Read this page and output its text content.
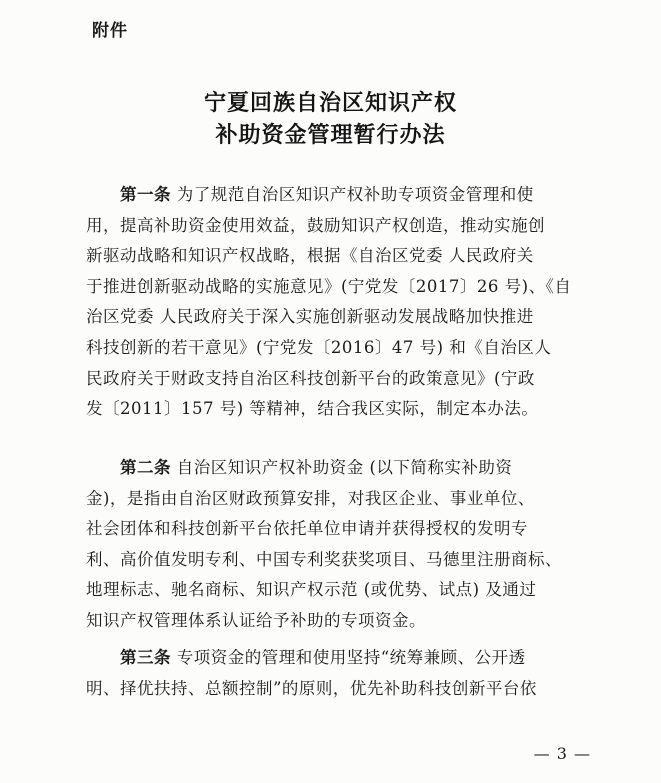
附件
宁夏回族自治区知识产权
补助资金管理暂行办法
第一条 为了规范自治区知识产权补助专项资金管理和使
用，提高补助资金使用效益，鼓励知识产权创造，推动实施创
新驱动战略和知识产权战略，根据《自治区党委 人民政府关
于推进创新驱动战略的实施意见》(宁党发〔2017〕26 号)、《自
治区党委 人民政府关于深入实施创新驱动发展战略加快推进
科技创新的若干意见》(宁党发〔2016〕47 号) 和《自治区人
民政府关于财政支持自治区科技创新平台的政策意见》(宁政
发〔2011〕157 号) 等精神，结合我区实际，制定本办法。
第二条 自治区知识产权补助资金 (以下简称实补助资
金)，是指由自治区财政预算安排，对我区企业、事业单位、
社会团体和科技创新平台依托单位申请并获得授权的发明专
利、高价值发明专利、中国专利奖获奖项目、马德里注册商标、
地理标志、驰名商标、知识产权示范 (或优势、试点) 及通过
知识产权管理体系认证给予补助的专项资金。
第三条 专项资金的管理和使用坚持“统筹兼顾、公开透
明、择优扶持、总额控制”的原则，优先补助科技创新平台依
— 3 —
